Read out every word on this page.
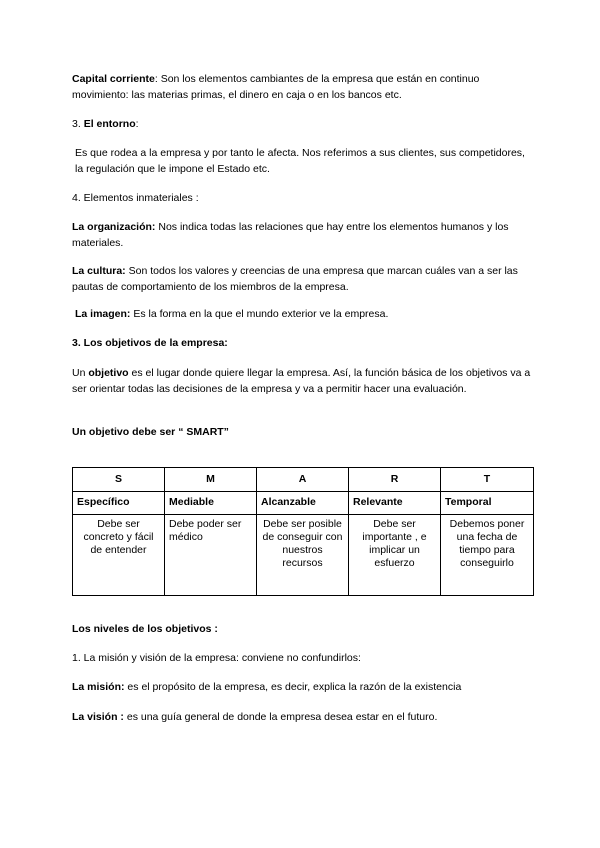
Capital corriente: Son los elementos cambiantes de la empresa que están en continuo movimiento: las materias primas, el dinero en caja o en los bancos etc.

3. El entorno:

Es que rodea a la empresa y por tanto le afecta. Nos referimos a sus clientes, sus competidores, la regulación que le impone el Estado etc.

4. Elementos inmateriales :

La organización: Nos indica todas las relaciones que hay entre los elementos humanos y los materiales.

La cultura: Son todos los valores y creencias de una empresa que marcan cuáles van a ser las pautas de comportamiento de los miembros de la empresa.

La imagen: Es la forma en la que el mundo exterior ve la empresa.

3. Los objetivos de la empresa:

Un objetivo es el lugar donde quiere llegar la empresa. Así, la función básica de los objetivos va a ser orientar todas las decisiones de la empresa y va a permitir hacer una evaluación.

Un objetivo debe ser “ SMART”

S	M	A	R	T
Específico	Mediable	Alcanzable	Relevante	Temporal
Debe ser concreto y fácil de entender	Debe poder ser médico	Debe ser posible de conseguir con nuestros recursos	Debe ser importante , e implicar un esfuerzo	Debemos poner una fecha de tiempo para conseguirlo

Los niveles de los objetivos :

1. La misión y visión de la empresa: conviene no confundirlos:

La misión: es el propósito de la empresa, es decir, explica la razón de la existencia

La visión : es una guía general de donde la empresa desea estar en el futuro.
